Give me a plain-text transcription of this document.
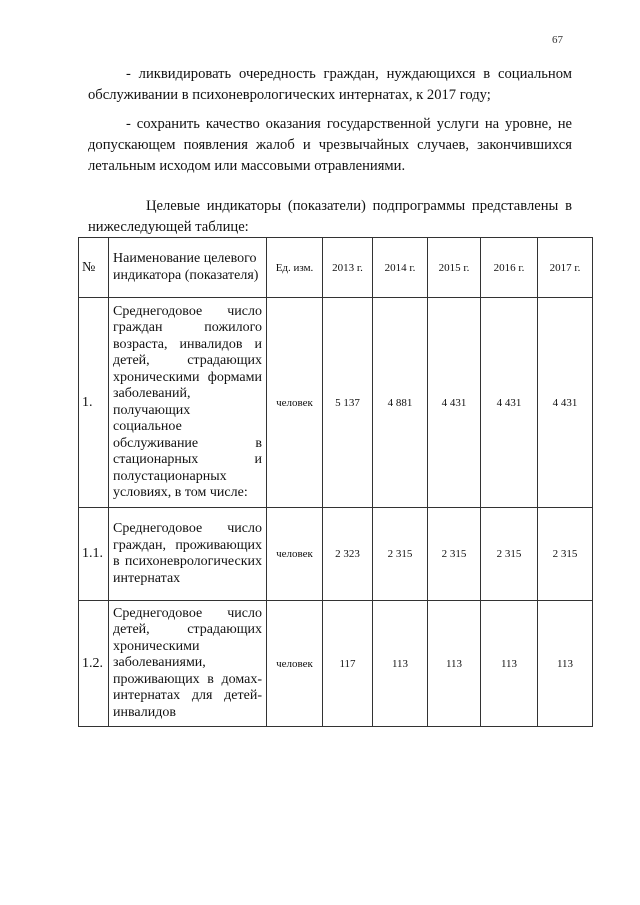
67

- ликвидировать очередность граждан, нуждающихся в социальном обслуживании в психоневрологических интернатах, к 2017 году;

- сохранить качество оказания государственной услуги на уровне, не допускающем появления жалоб и чрезвычайных случаев, закончившихся летальным исходом или массовыми отравлениями.

Целевые индикаторы (показатели) подпрограммы представлены в нижеследующей таблице:

№	Наименование целевого индикатора (показателя)	Ед. изм.	2013 г.	2014 г.	2015 г.	2016 г.	2017 г.
1.	Среднегодовое число граждан пожилого возраста, инвалидов и детей, страдающих хроническими формами заболеваний, получающих социальное обслуживание в стационарных и полустационарных условиях, в том числе:	человек	5 137	4 881	4 431	4 431	4 431
1.1.	Среднегодовое число граждан, проживающих в психоневрологических интернатах	человек	2 323	2 315	2 315	2 315	2 315
1.2.	Среднегодовое число детей, страдающих хроническими заболеваниями, проживающих в домах-интернатах для детей-инвалидов	человек	117	113	113	113	113
